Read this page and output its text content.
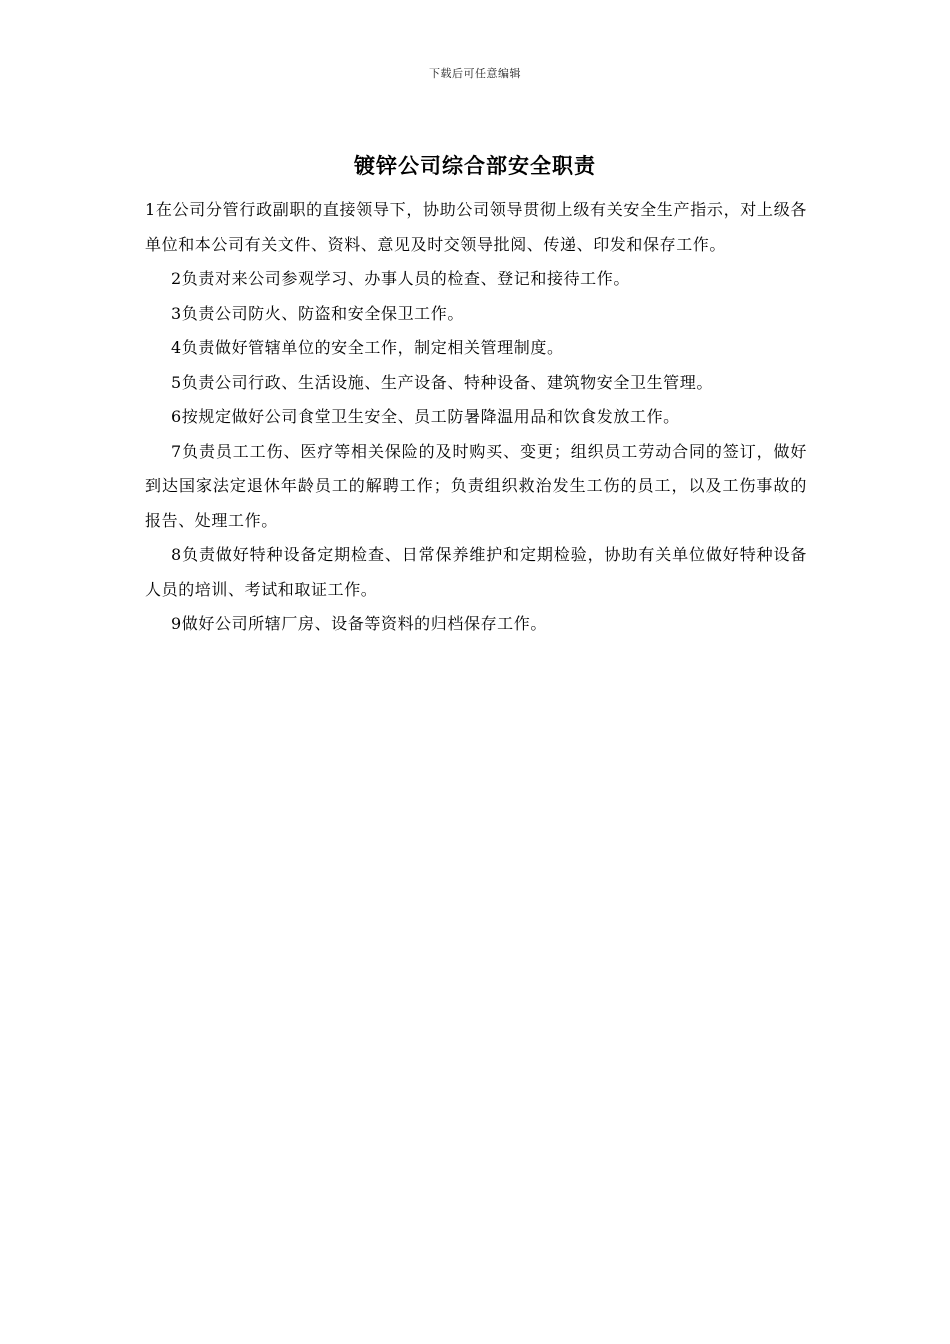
下载后可任意编辑
镀锌公司综合部安全职责

1在公司分管行政副职的直接领导下，协助公司领导贯彻上级有关安全生产指示，对上级各单位和本公司有关文件、资料、意见及时交领导批阅、传递、印发和保存工作。

2负责对来公司参观学习、办事人员的检查、登记和接待工作。

3负责公司防火、防盗和安全保卫工作。

4负责做好管辖单位的安全工作，制定相关管理制度。

5负责公司行政、生活设施、生产设备、特种设备、建筑物安全卫生管理。

6按规定做好公司食堂卫生安全、员工防暑降温用品和饮食发放工作。

7负责员工工伤、医疗等相关保险的及时购买、变更；组织员工劳动合同的签订，做好到达国家法定退休年龄员工的解聘工作；负责组织救治发生工伤的员工，以及工伤事故的报告、处理工作。

8负责做好特种设备定期检查、日常保养维护和定期检验，协助有关单位做好特种设备人员的培训、考试和取证工作。

9做好公司所辖厂房、设备等资料的归档保存工作。
